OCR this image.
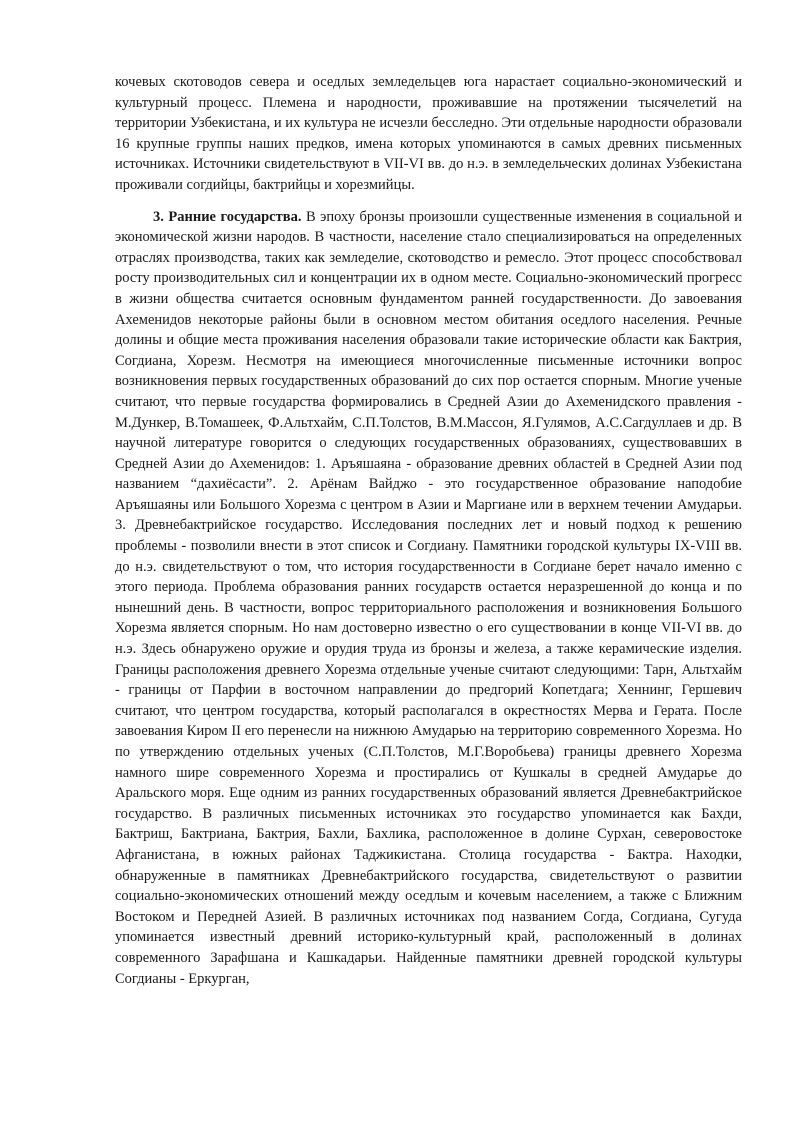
кочевых скотоводов севера и оседлых земледельцев юга нарастает социально-экономический и культурный процесс. Племена и народности, проживавшие на протяжении тысячелетий на территории Узбекистана, и их культура не исчезли бесследно. Эти отдельные народности образовали 16 крупные группы наших предков, имена которых упоминаются в самых древних письменных источниках. Источники свидетельствуют в VII-VI вв. до н.э. в земледельческих долинах Узбекистана проживали согдийцы, бактрийцы и хорезмийцы.

3. Ранние государства. В эпоху бронзы произошли существенные изменения в социальной и экономической жизни народов. В частности, население стало специализироваться на определенных отраслях производства, таких как земледелие, скотоводство и ремесло. Этот процесс способствовал росту производительных сил и концентрации их в одном месте. Социально-экономический прогресс в жизни общества считается основным фундаментом ранней государственности. До завоевания Ахеменидов некоторые районы были в основном местом обитания оседлого населения. Речные долины и общие места проживания населения образовали такие исторические области как Бактрия, Согдиана, Хорезм. Несмотря на имеющиеся многочисленные письменные источники вопрос возникновения первых государственных образований до сих пор остается спорным. Многие ученые считают, что первые государства формировались в Средней Азии до Ахеменидского правления - М.Дункер, В.Томашеек, Ф.Альтхайм, С.П.Толстов, В.М.Массон, Я.Гулямов, А.С.Сагдуллаев и др. В научной литературе говорится о следующих государственных образованиях, существовавших в Средней Азии до Ахеменидов: 1. Аръяшаяна - образование древних областей в Средней Азии под названием “дахиёсасти”. 2. Арёнам Вайджо - это государственное образование наподобие Аръяшаяны или Большого Хорезма с центром в Азии и Маргиане или в верхнем течении Амударьи. 3. Древнебактрийское государство. Исследования последних лет и новый подход к решению проблемы - позволили внести в этот список и Согдиану. Памятники городской культуры IX-VIII вв. до н.э. свидетельствуют о том, что история государственности в Согдиане берет начало именно с этого периода. Проблема образования ранних государств остается неразрешенной до конца и по нынешний день. В частности, вопрос территориального расположения и возникновения Большого Хорезма является спорным. Но нам достоверно известно о его существовании в конце VII-VI вв. до н.э. Здесь обнаружено оружие и орудия труда из бронзы и железа, а также керамические изделия. Границы расположения древнего Хорезма отдельные ученые считают следующими: Тарн, Альтхайм - границы от Парфии в восточном направлении до предгорий Копетдага; Хеннинг, Гершевич считают, что центром государства, который располагался в окрестностях Мерва и Герата. После завоевания Киром II его перенесли на нижнюю Амударью на территорию современного Хорезма. Но по утверждению отдельных ученых (С.П.Толстов, М.Г.Воробьева) границы древнего Хорезма намного шире современного Хорезма и простирались от Кушкалы в средней Амударье до Аральского моря. Еще одним из ранних государственных образований является Древнебактрийское государство. В различных письменных источниках это государство упоминается как Бахди, Бактриш, Бактриана, Бактрия, Бахли, Бахлика, расположенное в долине Сурхан, северовостоке Афганистана, в южных районах Таджикистана. Столица государства - Бактра. Находки, обнаруженные в памятниках Древнебактрийского государства, свидетельствуют о развитии социально-экономических отношений между оседлым и кочевым населением, а также с Ближним Востоком и Передней Азией. В различных источниках под названием Согда, Согдиана, Сугуда упоминается известный древний историко-культурный край, расположенный в долинах современного Зарафшана и Кашкадарьи. Найденные памятники древней городской культуры Согдианы - Еркурган,
